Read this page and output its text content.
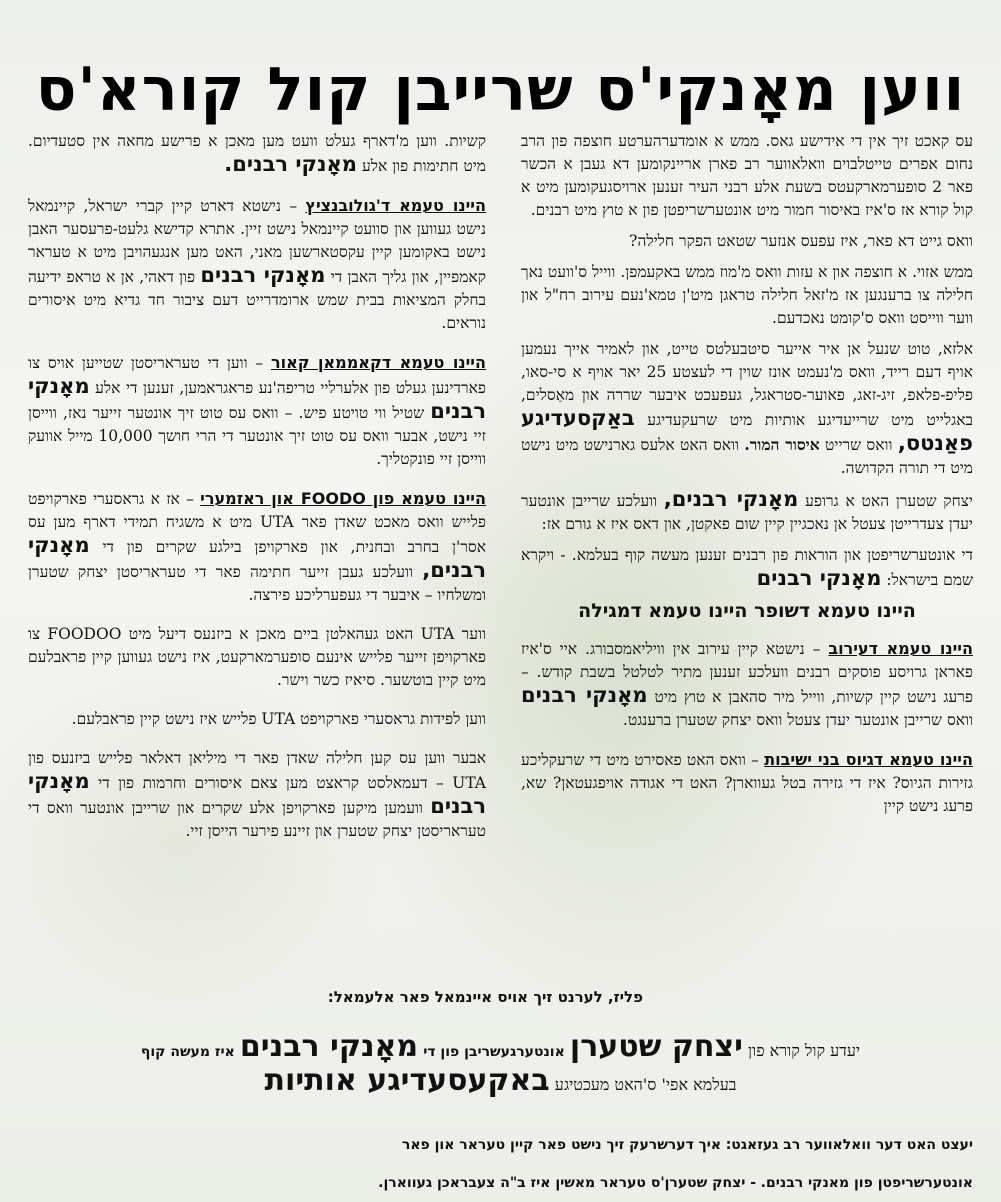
ווען מאָנקי'ס שרייבן קול קורא'ס

עס קאכט זיך אין די אידישע גאס. ממש א אומדערהערטע חוצפה פון הרב נחום אפרים טייטלבוים וואלאווער רב פארן אריינקומען דא געבן א הכשר פאר 2 סופערמארקעטס בשעת אלע רבני העיר זענען ארויסגעקומען מיט א קול קורא אז ס'איז באיסור חמור מיט אונטערשריפטן פון א טוץ מיט רבנים.

וואס גייט דא פאר, איז עפעס אנזער שטאט הפקר חלילה?

ממש אזוי. א חוצפה און א עזות וואס מ'מוז ממש באקעמפן. ווייל ס'וועט נאך חלילה צו ברענגען אז מ'זאל חלילה טראגן מיט'ן טמא'נעם עירוב רח"ל און ווער ווייסט וואס ס'קומט נאכדעם.

אלזא, טוט שנעל אן איר אייער סיטבעלטס טייט, און לאמיר אייך נעמען אויף דעם רייד, וואס מ'נעמט אונז שוין די לעצטע 25 יאר אויף א סי-סאו, פליפ-פלאפ, זיג-זאג, פאוער-סטראגל, געפעכט איבער שררה און מאַסלים, באגלייט מיט שרייעדיגע אותיות מיט שרעקעדיגע באַקסעדיגע פאַנטס, וואס שרייט איסור המור. וואס האט אלעס גארנישט מיט נישט מיט די תורה הקדושה.

יצחק שטערן האט א גרופע מאָנקי רבנים, וועלכע שרייבן אונטער יעדן צעדרייטן צעטל אן נאכגיין קיין שום פאקטן, און דאס איז א גורם אז:

די אונטערשריפטן און הוראות פון רבנים זענען מעשה קוף בעלמא. - ויקרא שמם בישראל: מאָנקי רבנים

היינו טעמא דשופר היינו טעמא דמגילה

היינו טעמא דעירוב – נישטא קיין עירוב אין וויליאמסבורג. איי ס'איז פאראן גרויסע פוסקים רבנים וועלכע זענען מתיר לטלטל בשבת קודש. – פרעג נישט קיין קשיות, ווייל מיר סהאבן א טוץ מיט מאָנקי רבנים וואס שרייבן אונטער יעדן צעטל וואס יצחק שטערן ברענגט.

היינו טעמא דגיוס בני ישיבות – וואס האט פאסירט מיט די שרעקליכע גזירות הגיוס? איז די גזירה בטל געווארן? האט די אגודה אויפגעטאן? שא, פרעג נישט קיין

קשיות. ווען מ'דארף געלט וועט מען מאכן א פרישע מחאה אין סטעדיום. מיט חתימות פון אלע מאָנקי רבנים.

היינו טעמא ד'גולובנציץ – נישטא דארט קיין קברי ישראל, קיינמאל נישט געווען און סוועט קיינמאל נישט זיין. אתרא קדישא גלעט-פרעסער האבן נישט באקומען קיין עקסטארשען מאני, האט מען אנגעהויבן מיט א טעראר קאמפיין, און גליך האבן די מאָנקי רבנים פון דאהי, אן א טראפ ידיעה בחלק המציאות בבית שמש ארומדרייט דעם ציבור חד גדיא מיט איסורים נוראים.

היינו טעמא דקאממאן קאור – ווען די טעראריסטן שטייען אויס צו פארדינען געלט פון אלערליי טריפה'נע פראגראמען, זענען די אלע מאָנקי רבנים שטיל ווי טויטע פיש. – וואס עס טוט זיך אונטער זייער נאז, ווייסן זיי נישט, אבער וואס עס טוט זיך אונטער די הרי חושך 10,000 מייל אוועק ווייסן זיי פונקטליך.

היינו טעמא פון FOODO און ראזמערי – אז א גראסערי פארקויפט פלייש וואס מאכט שאדן פאר UTA מיט א משגיח תמידי דארף מען עס אסר'ן בחרב ובחנית, און פארקויפן בילגע שקרים פון די מאָנקי רבנים, וועלכע געבן זייער חתימה פאר די טעראריסטן יצחק שטערן ומשלחיו – איבער די געפערליכע פירצה.

ווער UTA האט געהאלטן ביים מאכן א ביזנעס דיעל מיט FOODOO צו פארקויפן זייער פלייש אינעם סופערמארקעט, איז נישט געווען קיין פראבלעם מיט קיין בוטשער. סיאיז כשר וישר.

ווען לפידות גראסערי פארקויפט UTA פלייש איז נישט קיין פראבלעם.

אבער ווען עס קען חלילה שאדן פאר די מיליאן דאלאר פלייש ביזנעס פון UTA – דעמאלסט קראצט מען צאם איסורים וחרמות פון די מאָנקי רבנים וועמען מיקען פארקויפן אלע שקרים און שרייבן אונטער וואס די טעראריסטן יצחק שטערן און זיינע פירער הייסן זיי.

פליז, לערנט זיך אויס איינמאל פאר אלעמאל:
יעדע קול קורא פון יצחק שטערן אונטערגעשריבן פון די מאָנקי רבנים איז מעשה קוף
בעלמא אפי' ס'האט מעכטיגע באקעסעדיגע אותיות
יעצט האט דער וואלאווער רב געזאגט: איך דערשרעק זיך נישט פאר קיין טעראר און פאר
אונטערשריפטן פון מאנקי רבנים. - יצחק שטערן'ס טעראר מאשין איז ב"ה צעבראכן געווארן.
